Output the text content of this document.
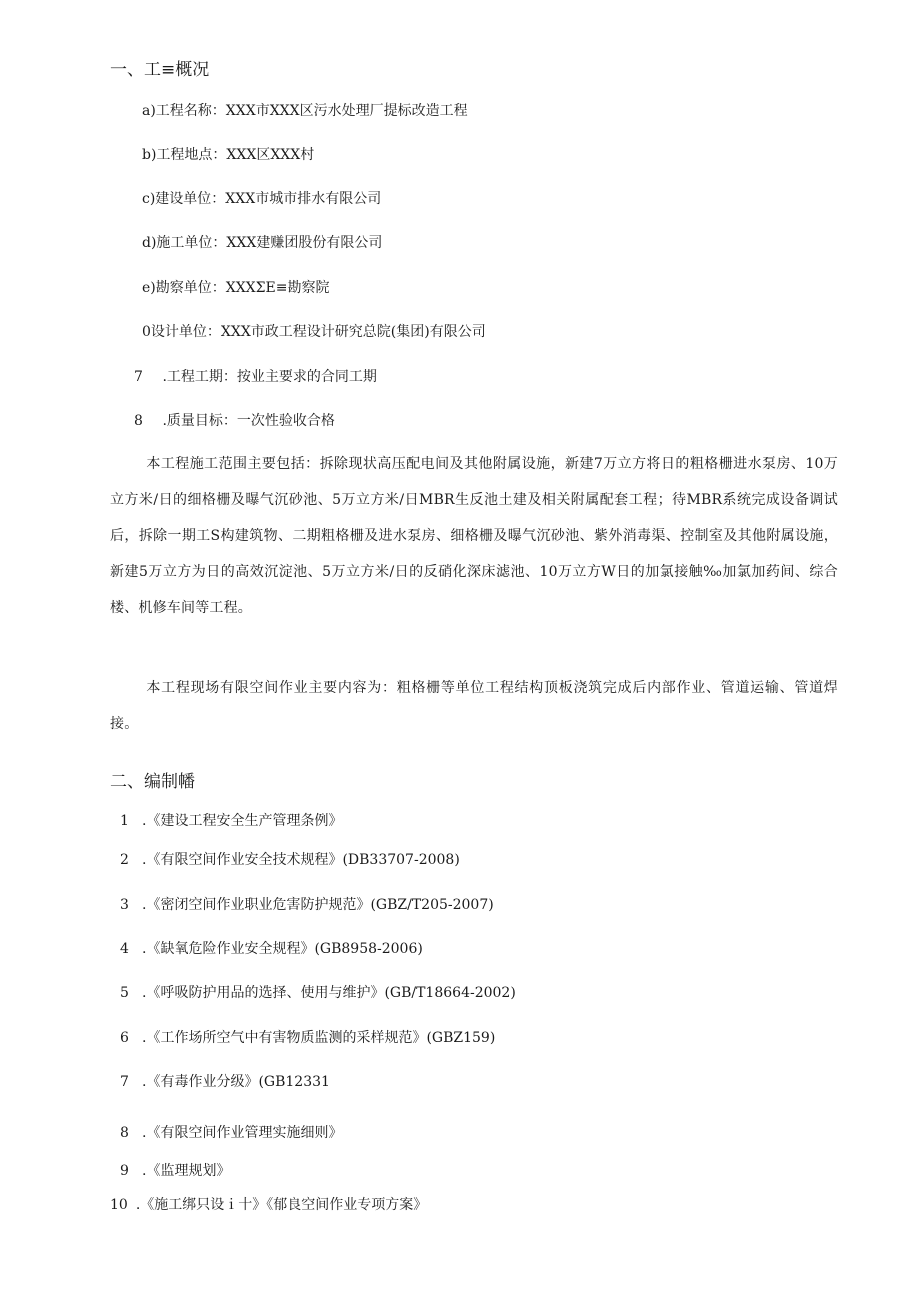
一、工≡概况
a)工程名称：XXX市XXX区污水处理厂提标改造工程
b)工程地点：XXX区XXX村
c)建设单位：XXX市城市排水有限公司
d)施工单位：XXX建赚团股份有限公司
e)勘察单位：XXXΣE≡勘察院
0设计单位：XXX市政工程设计研究总院(集团)有限公司
7 .工程工期：按业主要求的合同工期
8 .质量目标：一次性验收合格
本工程施工范围主要包括：拆除现状高压配电间及其他附属设施，新建7万立方将日的粗格栅进水泵房、10万立方米/日的细格栅及曝气沉砂池、5万立方米/日MBR生反池土建及相关附属配套工程；待MBR系统完成设备调试后，拆除一期工S构建筑物、二期粗格栅及进水泵房、细格栅及曝气沉砂池、紫外消毒渠、控制室及其他附属设施，新建5万立方为日的高效沉淀池、5万立方米/日的反硝化深床滤池、10万立方W日的加氯接触‰加氯加药间、综合楼、机修车间等工程。
本工程现场有限空间作业主要内容为：粗格栅等单位工程结构顶板浇筑完成后内部作业、管道运输、管道焊接。
二、编制幡
1 .《建设工程安全生产管理条例》
2 .《有限空间作业安全技术规程》(DB33707-2008)
3 .《密闭空间作业职业危害防护规范》(GBZ/T205-2007)
4 .《缺氧危险作业安全规程》(GB8958-2006)
5 .《呼吸防护用品的选择、使用与维护》(GB/T18664-2002)
6 .《工作场所空气中有害物质监测的采样规范》(GBZ159)
7 .《有毒作业分级》(GB12331
8 .《有限空间作业管理实施细则》
9 .《监理规划》
10 .《施工绑只设ｉ十》《郁良空间作业专项方案》
